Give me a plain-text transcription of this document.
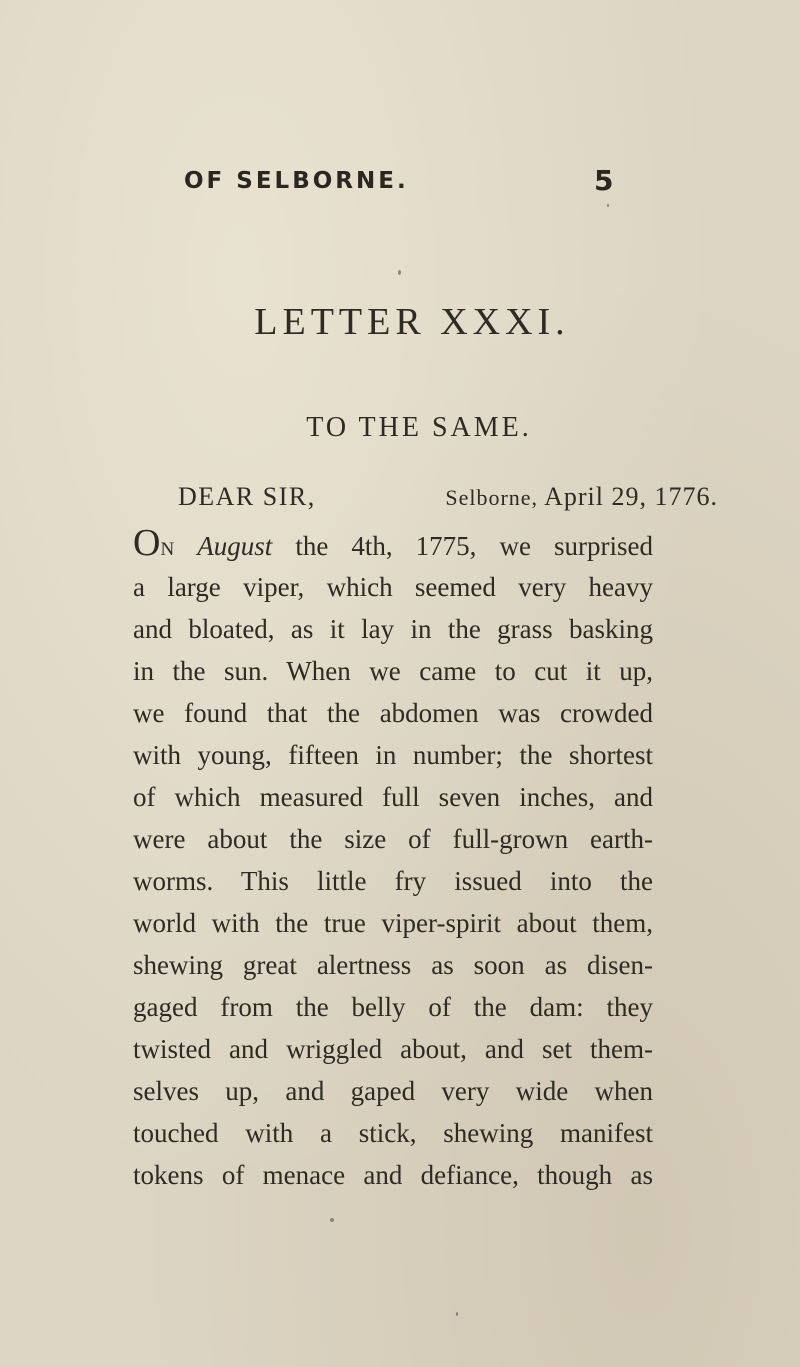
OF SELBORNE.	5
LETTER XXXI.
TO THE SAME.
DEAR SIR,	Selborne, April 29, 1776.
ON August the 4th, 1775, we surprised
a large viper, which seemed very heavy
and bloated, as it lay in the grass basking
in the sun. When we came to cut it up,
we found that the abdomen was crowded
with young, fifteen in number; the shortest
of which measured full seven inches, and
were about the size of full-grown earth-
worms. This little fry issued into the
world with the true viper-spirit about them,
shewing great alertness as soon as disen-
gaged from the belly of the dam: they
twisted and wriggled about, and set them-
selves up, and gaped very wide when
touched with a stick, shewing manifest
tokens of menace and defiance, though as
